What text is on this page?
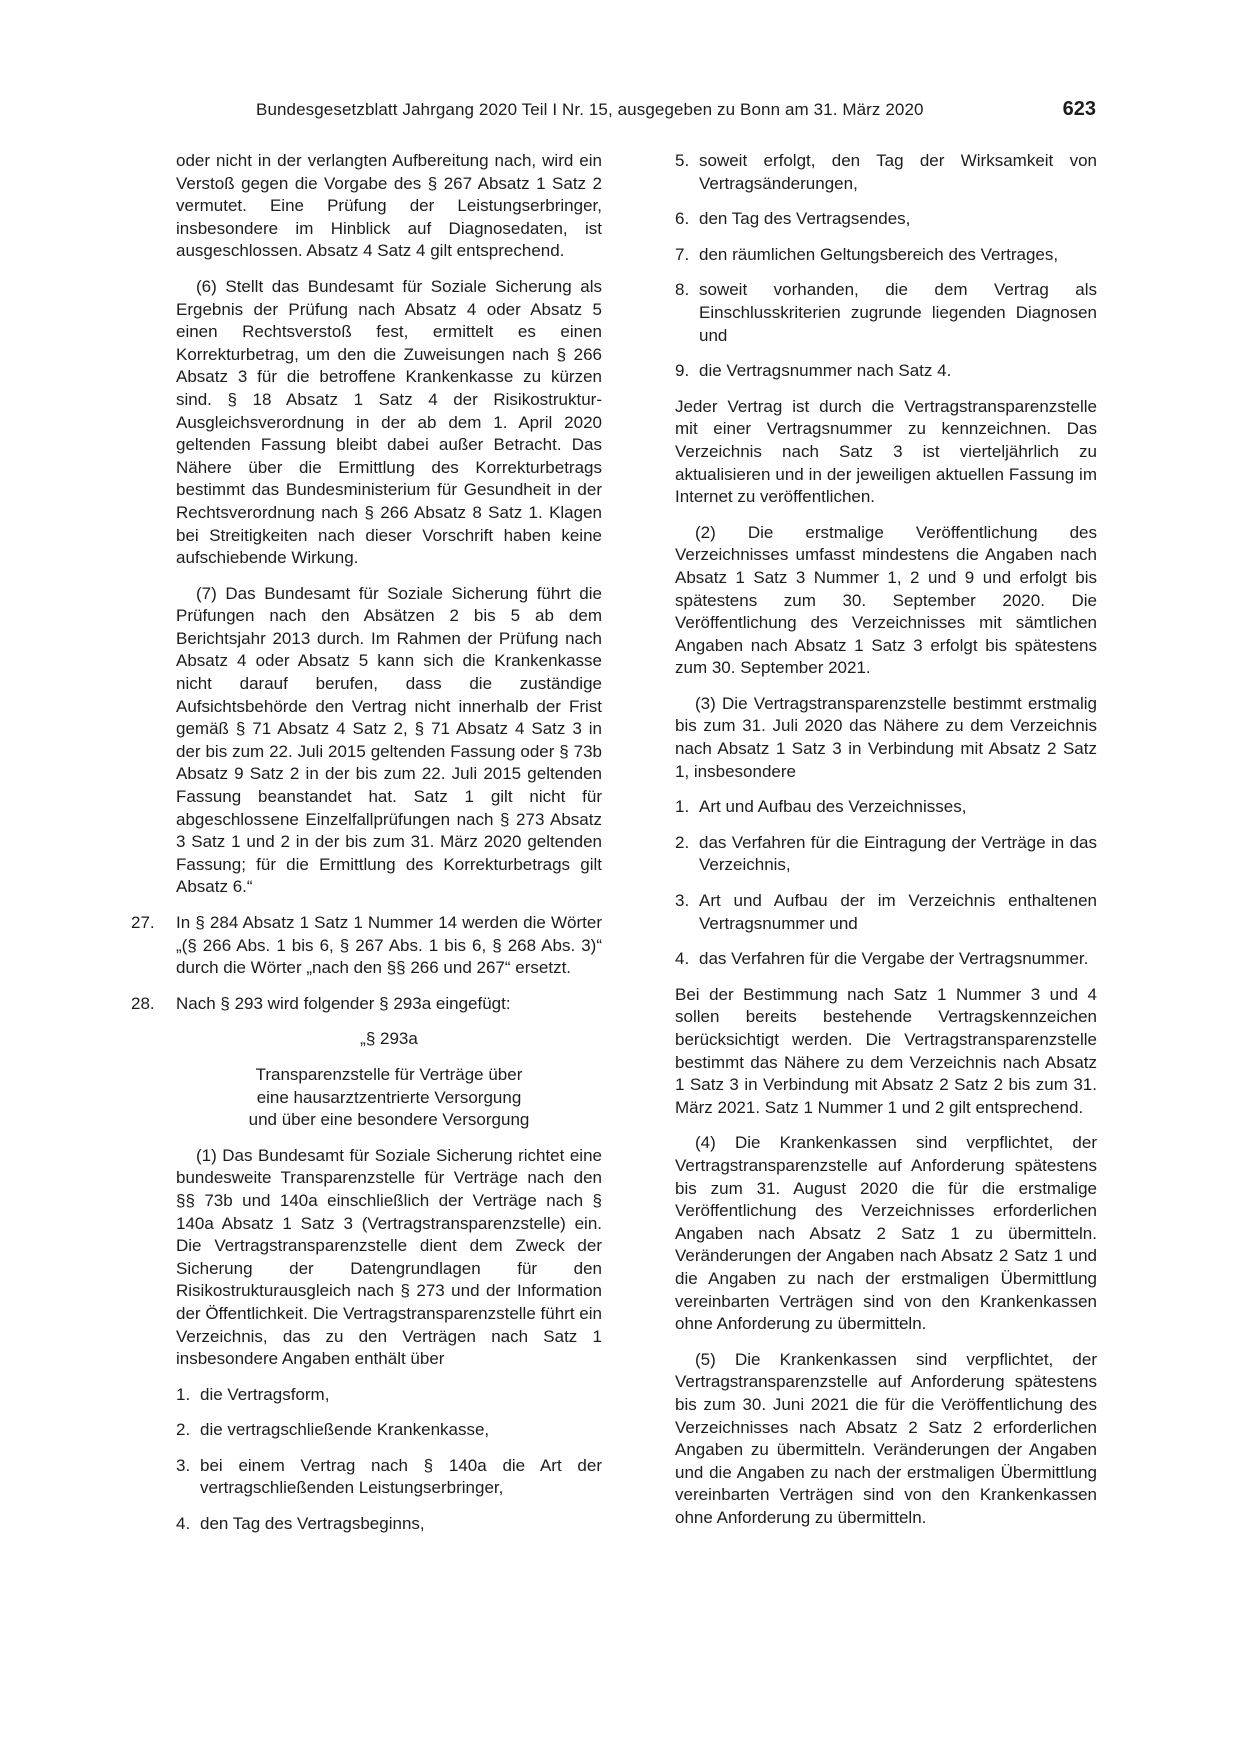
Bundesgesetzblatt Jahrgang 2020 Teil I Nr. 15, ausgegeben zu Bonn am 31. März 2020	623

oder nicht in der verlangten Aufbereitung nach, wird ein Verstoß gegen die Vorgabe des § 267 Absatz 1 Satz 2 vermutet. Eine Prüfung der Leistungserbringer, insbesondere im Hinblick auf Diagnosedaten, ist ausgeschlossen. Absatz 4 Satz 4 gilt entsprechend.

(6) Stellt das Bundesamt für Soziale Sicherung als Ergebnis der Prüfung nach Absatz 4 oder Absatz 5 einen Rechtsverstoß fest, ermittelt es einen Korrekturbetrag, um den die Zuweisungen nach § 266 Absatz 3 für die betroffene Krankenkasse zu kürzen sind. § 18 Absatz 1 Satz 4 der Risikostruktur-Ausgleichsverordnung in der ab dem 1. April 2020 geltenden Fassung bleibt dabei außer Betracht. Das Nähere über die Ermittlung des Korrekturbetrags bestimmt das Bundesministerium für Gesundheit in der Rechtsverordnung nach § 266 Absatz 8 Satz 1. Klagen bei Streitigkeiten nach dieser Vorschrift haben keine aufschiebende Wirkung.

(7) Das Bundesamt für Soziale Sicherung führt die Prüfungen nach den Absätzen 2 bis 5 ab dem Berichtsjahr 2013 durch. Im Rahmen der Prüfung nach Absatz 4 oder Absatz 5 kann sich die Krankenkasse nicht darauf berufen, dass die zuständige Aufsichtsbehörde den Vertrag nicht innerhalb der Frist gemäß § 71 Absatz 4 Satz 2, § 71 Absatz 4 Satz 3 in der bis zum 22. Juli 2015 geltenden Fassung oder § 73b Absatz 9 Satz 2 in der bis zum 22. Juli 2015 geltenden Fassung beanstandet hat. Satz 1 gilt nicht für abgeschlossene Einzelfallprüfungen nach § 273 Absatz 3 Satz 1 und 2 in der bis zum 31. März 2020 geltenden Fassung; für die Ermittlung des Korrekturbetrags gilt Absatz 6.“

27. In § 284 Absatz 1 Satz 1 Nummer 14 werden die Wörter „(§ 266 Abs. 1 bis 6, § 267 Abs. 1 bis 6, § 268 Abs. 3)“ durch die Wörter „nach den §§ 266 und 267“ ersetzt.
28. Nach § 293 wird folgender § 293a eingefügt:
„§ 293a
Transparenzstelle für Verträge über
eine hausarztzentrierte Versorgung
und über eine besondere Versorgung

(1) Das Bundesamt für Soziale Sicherung richtet eine bundesweite Transparenzstelle für Verträge nach den §§ 73b und 140a einschließlich der Verträge nach § 140a Absatz 1 Satz 3 (Vertragstransparenzstelle) ein. Die Vertragstransparenzstelle dient dem Zweck der Sicherung der Datengrundlagen für den Risikostrukturausgleich nach § 273 und der Information der Öffentlichkeit. Die Vertragstransparenzstelle führt ein Verzeichnis, das zu den Verträgen nach Satz 1 insbesondere Angaben enthält über

1. die Vertragsform,
2. die vertragschließende Krankenkasse,
3. bei einem Vertrag nach § 140a die Art der vertragschließenden Leistungserbringer,
4. den Tag des Vertragsbeginns,
5. soweit erfolgt, den Tag der Wirksamkeit von Vertragsänderungen,
6. den Tag des Vertragsendes,
7. den räumlichen Geltungsbereich des Vertrages,
8. soweit vorhanden, die dem Vertrag als Einschlusskriterien zugrunde liegenden Diagnosen und
9. die Vertragsnummer nach Satz 4.

Jeder Vertrag ist durch die Vertragstransparenzstelle mit einer Vertragsnummer zu kennzeichnen. Das Verzeichnis nach Satz 3 ist vierteljährlich zu aktualisieren und in der jeweiligen aktuellen Fassung im Internet zu veröffentlichen.

(2) Die erstmalige Veröffentlichung des Verzeichnisses umfasst mindestens die Angaben nach Absatz 1 Satz 3 Nummer 1, 2 und 9 und erfolgt bis spätestens zum 30. September 2020. Die Veröffentlichung des Verzeichnisses mit sämtlichen Angaben nach Absatz 1 Satz 3 erfolgt bis spätestens zum 30. September 2021.

(3) Die Vertragstransparenzstelle bestimmt erstmalig bis zum 31. Juli 2020 das Nähere zu dem Verzeichnis nach Absatz 1 Satz 3 in Verbindung mit Absatz 2 Satz 1, insbesondere

1. Art und Aufbau des Verzeichnisses,
2. das Verfahren für die Eintragung der Verträge in das Verzeichnis,
3. Art und Aufbau der im Verzeichnis enthaltenen Vertragsnummer und
4. das Verfahren für die Vergabe der Vertragsnummer.

Bei der Bestimmung nach Satz 1 Nummer 3 und 4 sollen bereits bestehende Vertragskennzeichen berücksichtigt werden. Die Vertragstransparenzstelle bestimmt das Nähere zu dem Verzeichnis nach Absatz 1 Satz 3 in Verbindung mit Absatz 2 Satz 2 bis zum 31. März 2021. Satz 1 Nummer 1 und 2 gilt entsprechend.

(4) Die Krankenkassen sind verpflichtet, der Vertragstransparenzstelle auf Anforderung spätestens bis zum 31. August 2020 die für die erstmalige Veröffentlichung des Verzeichnisses erforderlichen Angaben nach Absatz 2 Satz 1 zu übermitteln. Veränderungen der Angaben nach Absatz 2 Satz 1 und die Angaben zu nach der erstmaligen Übermittlung vereinbarten Verträgen sind von den Krankenkassen ohne Anforderung zu übermitteln.

(5) Die Krankenkassen sind verpflichtet, der Vertragstransparenzstelle auf Anforderung spätestens bis zum 30. Juni 2021 die für die Veröffentlichung des Verzeichnisses nach Absatz 2 Satz 2 erforderlichen Angaben zu übermitteln. Veränderungen der Angaben und die Angaben zu nach der erstmaligen Übermittlung vereinbarten Verträgen sind von den Krankenkassen ohne Anforderung zu übermitteln.
